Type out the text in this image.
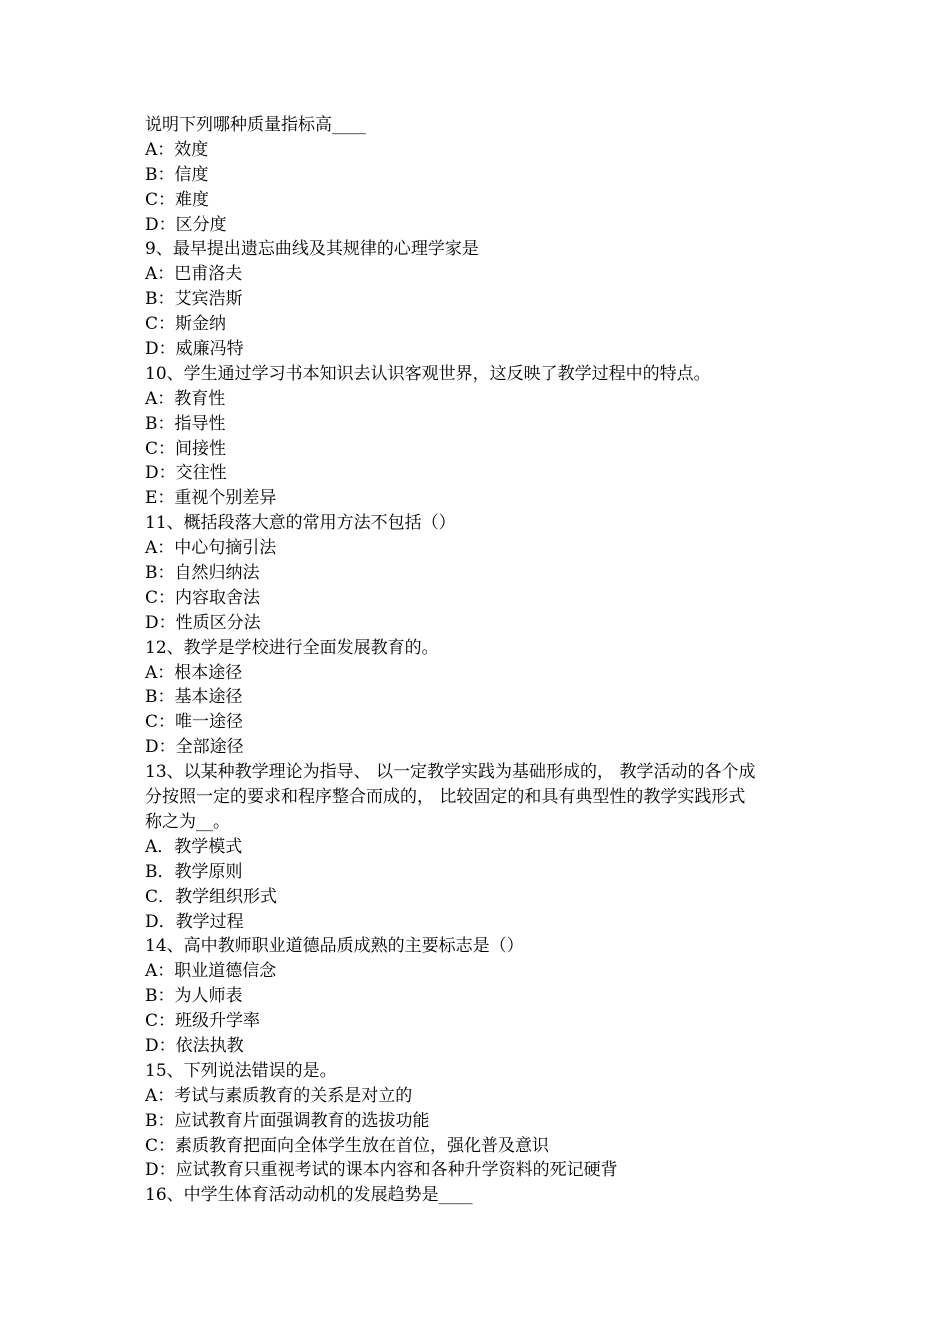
说明下列哪种质量指标高____
A：效度
B：信度
C：难度
D：区分度
9、最早提出遗忘曲线及其规律的心理学家是
A：巴甫洛夫
B：艾宾浩斯
C：斯金纳
D：威廉冯特
10、学生通过学习书本知识去认识客观世界，这反映了教学过程中的特点。
A：教育性
B：指导性
C：间接性
D：交往性
E：重视个别差异
11、概括段落大意的常用方法不包括（）
A：中心句摘引法
B：自然归纳法
C：内容取舍法
D：性质区分法
12、教学是学校进行全面发展教育的。
A：根本途径
B：基本途径
C：唯一途径
D：全部途径
13、以某种教学理论为指导、 以一定教学实践为基础形成的， 教学活动的各个成
分按照一定的要求和程序整合而成的， 比较固定的和具有典型性的教学实践形式
称之为__。
A．教学模式
B．教学原则
C．教学组织形式
D．教学过程
14、高中教师职业道德品质成熟的主要标志是（）
A：职业道德信念
B：为人师表
C：班级升学率
D：依法执教
15、下列说法错误的是。
A：考试与素质教育的关系是对立的
B：应试教育片面强调教育的选拔功能
C：素质教育把面向全体学生放在首位，强化普及意识
D：应试教育只重视考试的课本内容和各种升学资料的死记硬背
16、中学生体育活动动机的发展趋势是____
